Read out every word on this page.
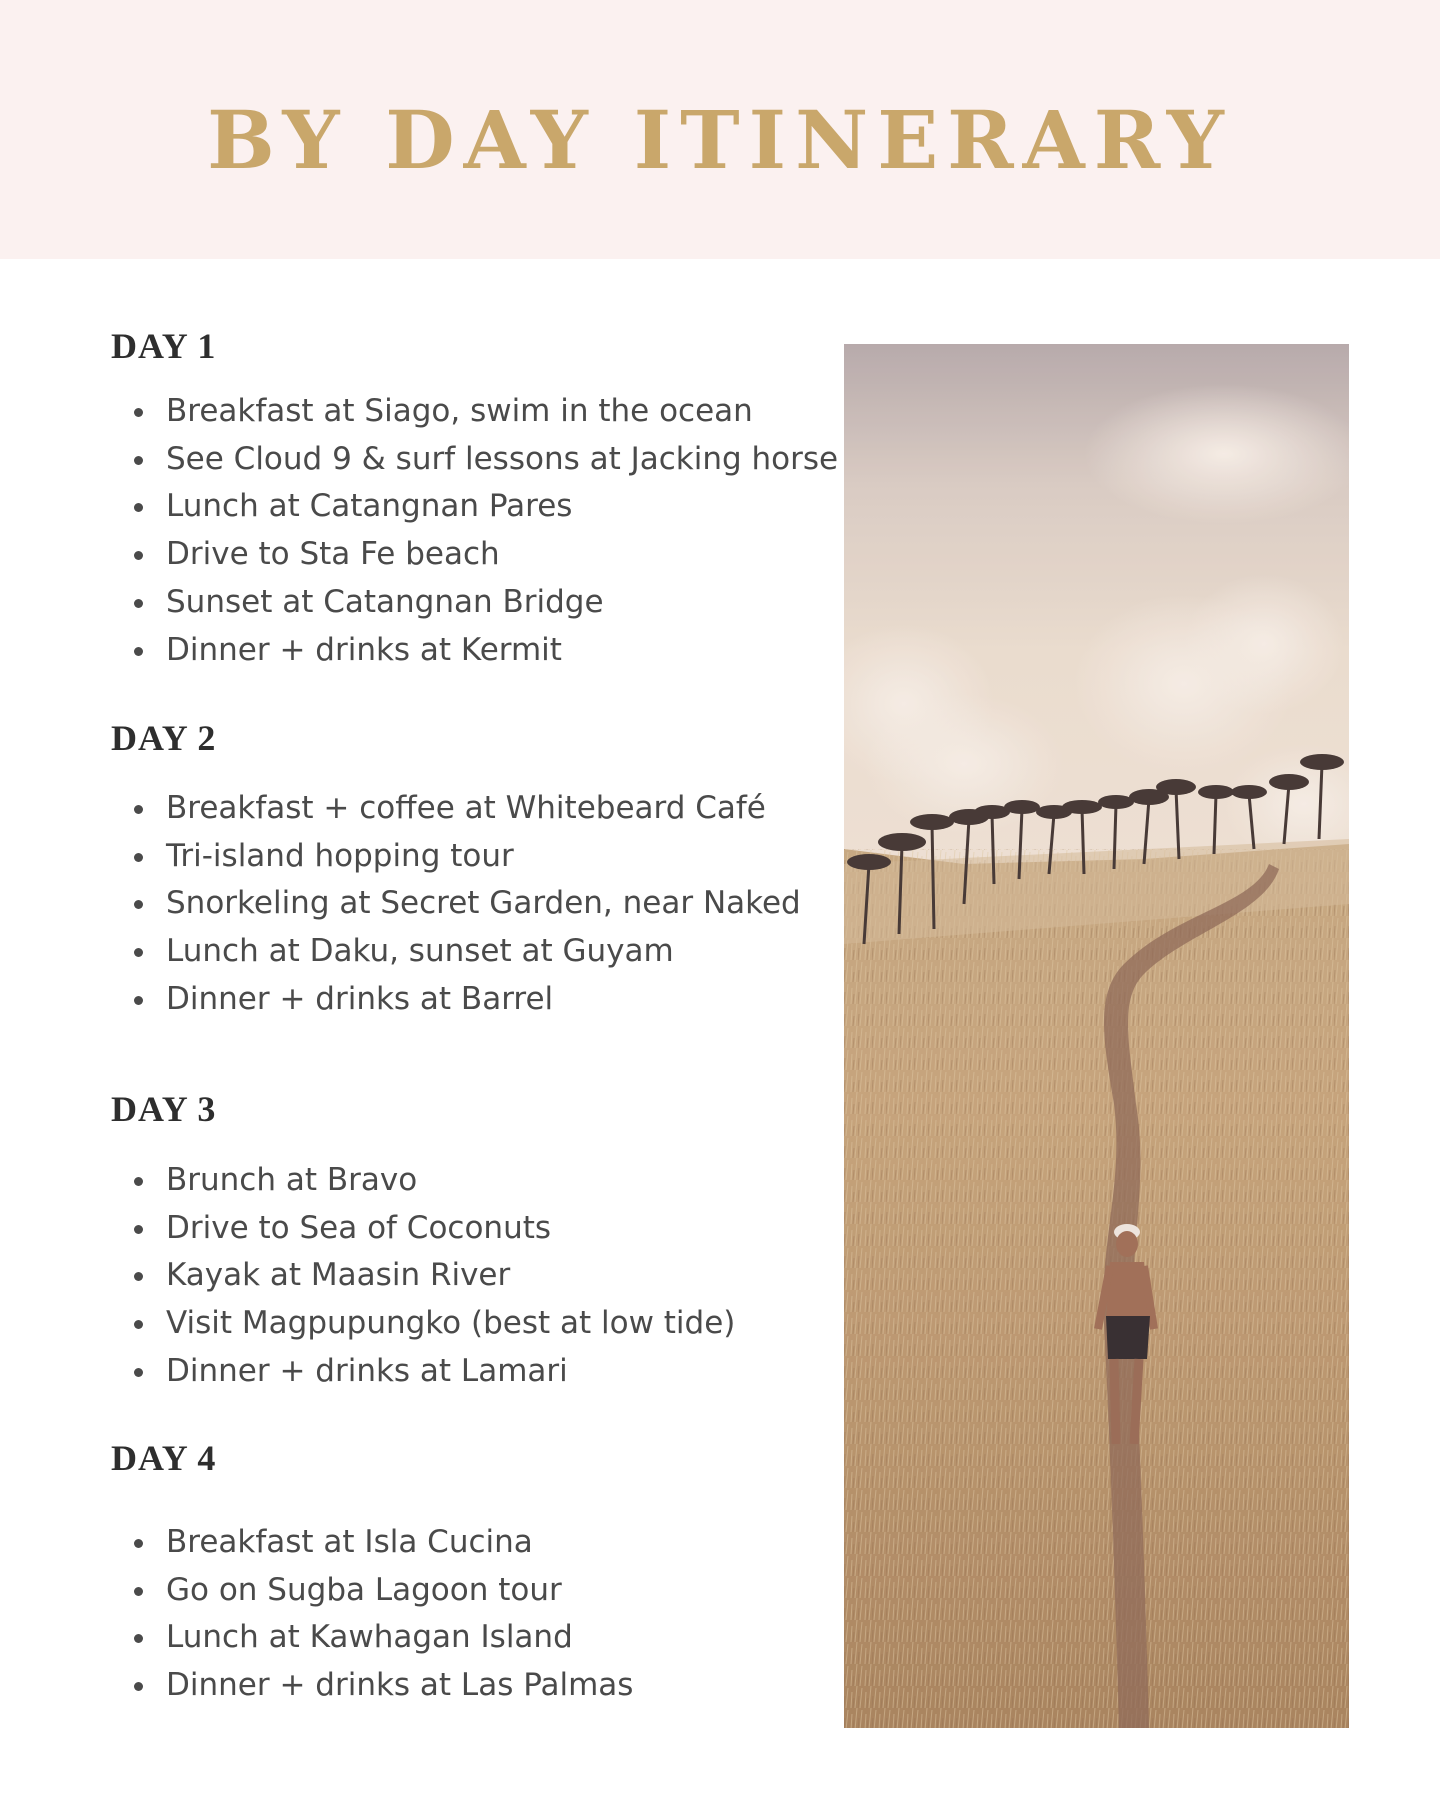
BY DAY ITINERARY
DAY 1
Breakfast at Siago, swim in the ocean
See Cloud 9 & surf lessons at Jacking horse
Lunch at Catangnan Pares
Drive to Sta Fe beach
Sunset at Catangnan Bridge
Dinner + drinks at Kermit
DAY 2
Breakfast + coffee at Whitebeard Café
Tri-island hopping tour
Snorkeling at Secret Garden, near Naked
Lunch at Daku, sunset at Guyam
Dinner + drinks at Barrel
DAY 3
Brunch at Bravo
Drive to Sea of Coconuts
Kayak at Maasin River
Visit Magpupungko (best at low tide)
Dinner + drinks at Lamari
DAY 4
Breakfast at Isla Cucina
Go on Sugba Lagoon tour
Lunch at Kawhagan Island
Dinner + drinks at Las Palmas
